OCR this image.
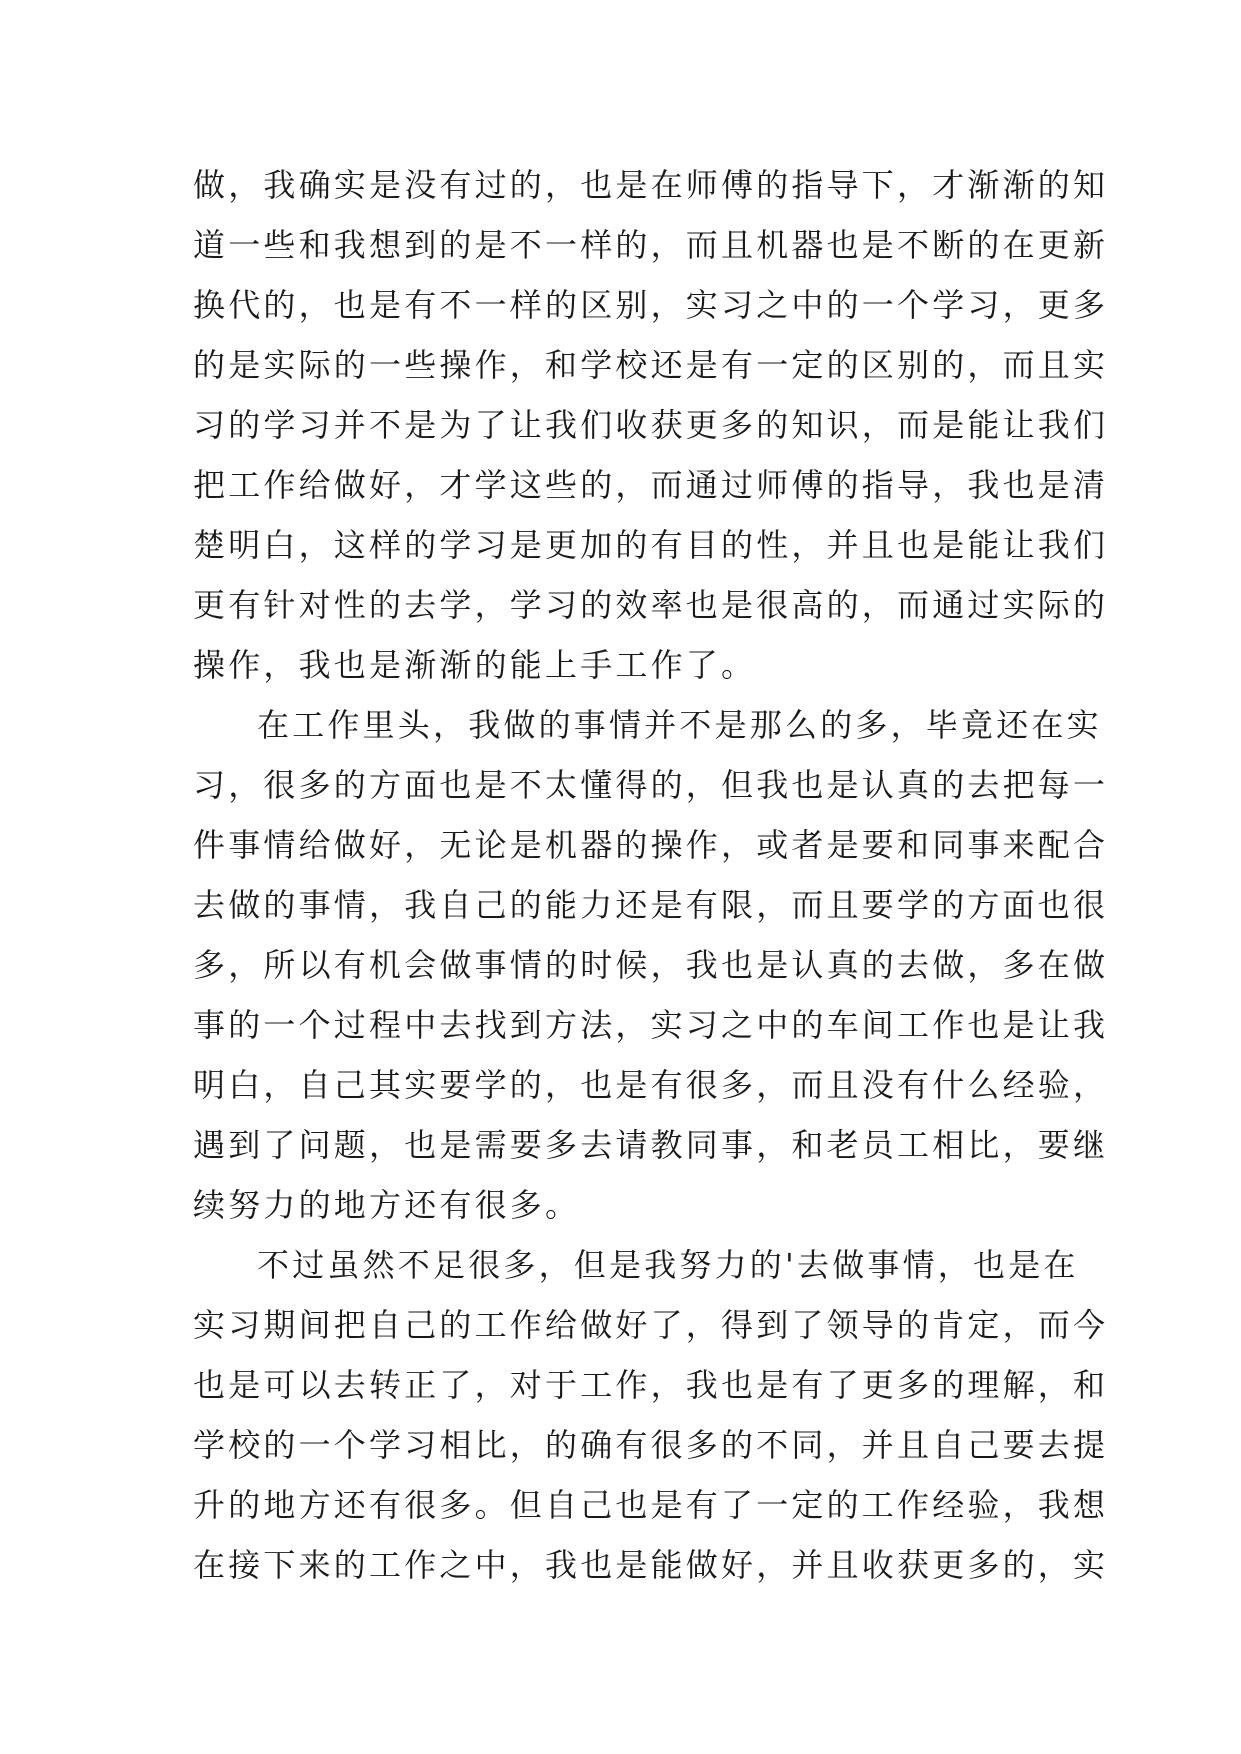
做，我确实是没有过的，也是在师傅的指导下，才渐渐的知
道一些和我想到的是不一样的，而且机器也是不断的在更新
换代的，也是有不一样的区别，实习之中的一个学习，更多
的是实际的一些操作，和学校还是有一定的区别的，而且实
习的学习并不是为了让我们收获更多的知识，而是能让我们
把工作给做好，才学这些的，而通过师傅的指导，我也是清
楚明白，这样的学习是更加的有目的性，并且也是能让我们
更有针对性的去学，学习的效率也是很高的，而通过实际的
操作，我也是渐渐的能上手工作了。
在工作里头，我做的事情并不是那么的多，毕竟还在实
习，很多的方面也是不太懂得的，但我也是认真的去把每一
件事情给做好，无论是机器的操作，或者是要和同事来配合
去做的事情，我自己的能力还是有限，而且要学的方面也很
多，所以有机会做事情的时候，我也是认真的去做，多在做
事的一个过程中去找到方法，实习之中的车间工作也是让我
明白，自己其实要学的，也是有很多，而且没有什么经验，
遇到了问题，也是需要多去请教同事，和老员工相比，要继
续努力的地方还有很多。
不过虽然不足很多，但是我努力的'去做事情，也是在
实习期间把自己的工作给做好了，得到了领导的肯定，而今
也是可以去转正了，对于工作，我也是有了更多的理解，和
学校的一个学习相比，的确有很多的不同，并且自己要去提
升的地方还有很多。但自己也是有了一定的工作经验，我想
在接下来的工作之中，我也是能做好，并且收获更多的，实
